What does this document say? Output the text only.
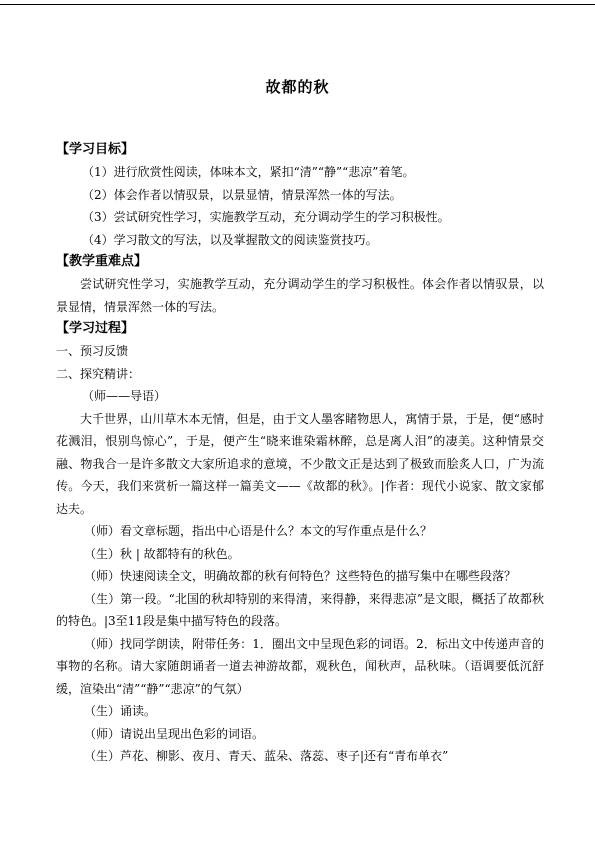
故都的秋

【学习目标】

（1）进行欣赏性阅读，体味本文，紧扣“清”“静”“悲凉”着笔。

（2）体会作者以情驭景，以景显情，情景浑然一体的写法。

（3）尝试研究性学习，实施教学互动，充分调动学生的学习积极性。

（4）学习散文的写法，以及掌握散文的阅读鉴赏技巧。

【教学重难点】

尝试研究性学习，实施教学互动，充分调动学生的学习积极性。体会作者以情驭景，以景显情，情景浑然一体的写法。

【学习过程】

一、预习反馈

二、探究精讲：

（师——导语）

大千世界，山川草木本无情，但是，由于文人墨客睹物思人，寓情于景，于是，便“感时花溅泪，恨别鸟惊心”，于是，便产生“晓来谁染霜林醉，总是离人泪”的凄美。这种情景交融、物我合一是许多散文大家所追求的意境，不少散文正是达到了极致而脍炙人口，广为流传。今天，我们来赏析一篇这样一篇美文——《故都的秋》。|作者：现代小说家、散文家郁达夫。

（师）看文章标题，指出中心语是什么？本文的写作重点是什么？

（生）秋 | 故都特有的秋色。

（师）快速阅读全文，明确故都的秋有何特色？这些特色的描写集中在哪些段落？

（生）第一段。“北国的秋却特别的来得清，来得静，来得悲凉”是文眼，概括了故都秋的特色。|3至11段是集中描写特色的段落。

（师）找同学朗读，附带任务：1．圈出文中呈现色彩的词语。2．标出文中传递声音的事物的名称。请大家随朗诵者一道去神游故都，观秋色，闻秋声，品秋味。（语调要低沉舒缓，渲染出“清”“静”“悲凉”的气氛）

（生）诵读。

（师）请说出呈现出色彩的词语。

（生）芦花、柳影、夜月、青天、蓝朵、落蕊、枣子|还有“青布单衣”
